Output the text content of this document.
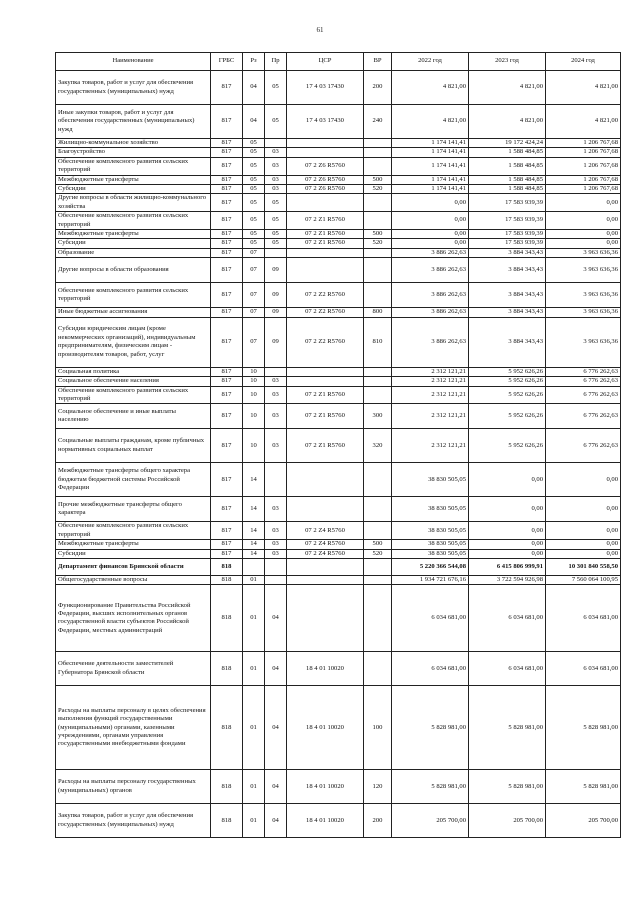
61
Наименование	ГРБС	Рз	Пр	ЦСР	ВР	2022 год	2023 год	2024 год
Закупка товаров, работ и услуг для обеспечения государственных (муниципальных) нужд	817	04	05	17 4 03 17430	200	4 821,00	4 821,00	4 821,00
Иные закупки товаров, работ и услуг для обеспечения государственных (муниципальных) нужд	817	04	05	17 4 03 17430	240	4 821,00	4 821,00	4 821,00
Жилищно-коммунальное хозяйство	817	05				1 174 141,41	19 172 424,24	1 206 767,68
Благоустройство	817	05	03			1 174 141,41	1 588 484,85	1 206 767,68
Обеспечение комплексного развития сельских территорий	817	05	03	07 2 Z6 R5760		1 174 141,41	1 588 484,85	1 206 767,68
Межбюджетные трансферты	817	05	03	07 2 Z6 R5760	500	1 174 141,41	1 588 484,85	1 206 767,68
Субсидии	817	05	03	07 2 Z6 R5760	520	1 174 141,41	1 588 484,85	1 206 767,68
Другие вопросы в области жилищно-коммунального хозяйства	817	05	05			0,00	17 583 939,39	0,00
Обеспечение комплексного развития сельских территорий	817	05	05	07 2 Z1 R5760		0,00	17 583 939,39	0,00
Межбюджетные трансферты	817	05	05	07 2 Z1 R5760	500	0,00	17 583 939,39	0,00
Субсидии	817	05	05	07 2 Z1 R5760	520	0,00	17 583 939,39	0,00
Образование	817	07				3 886 262,63	3 884 343,43	3 963 636,36
Другие вопросы в области образования	817	07	09			3 886 262,63	3 884 343,43	3 963 636,36
Обеспечение комплексного развития сельских территорий	817	07	09	07 2 Z2 R5760		3 886 262,63	3 884 343,43	3 963 636,36
Иные бюджетные ассигнования	817	07	09	07 2 Z2 R5760	800	3 886 262,63	3 884 343,43	3 963 636,36
Субсидии юридическим лицам (кроме некоммерческих организаций), индивидуальным предпринимателям, физическим лицам - производителям товаров, работ, услуг	817	07	09	07 2 Z2 R5760	810	3 886 262,63	3 884 343,43	3 963 636,36
Социальная политика	817	10				2 312 121,21	5 952 626,26	6 776 262,63
Социальное обеспечение населения	817	10	03			2 312 121,21	5 952 626,26	6 776 262,63
Обеспечение комплексного развития сельских территорий	817	10	03	07 2 Z1 R5760		2 312 121,21	5 952 626,26	6 776 262,63
Социальное обеспечение и иные выплаты населению	817	10	03	07 2 Z1 R5760	300	2 312 121,21	5 952 626,26	6 776 262,63
Социальные выплаты гражданам, кроме публичных нормативных социальных выплат	817	10	03	07 2 Z1 R5760	320	2 312 121,21	5 952 626,26	6 776 262,63
Межбюджетные трансферты общего характера бюджетам бюджетной системы Российской Федерации	817	14				38 830 505,05	0,00	0,00
Прочие межбюджетные трансферты общего характера	817	14	03			38 830 505,05	0,00	0,00
Обеспечение комплексного развития сельских территорий	817	14	03	07 2 Z4 R5760		38 830 505,05	0,00	0,00
Межбюджетные трансферты	817	14	03	07 2 Z4 R5760	500	38 830 505,05	0,00	0,00
Субсидии	817	14	03	07 2 Z4 R5760	520	38 830 505,05	0,00	0,00
Департамент финансов Брянской области	818					5 220 366 544,08	6 415 806 999,91	10 301 840 558,50
Общегосударственные вопросы	818	01				1 934 721 676,16	3 722 594 926,98	7 560 064 100,95
Функционирование Правительства Российской Федерации, высших исполнительных органов государственной власти субъектов Российской Федерации, местных администраций	818	01	04			6 034 681,00	6 034 681,00	6 034 681,00
Обеспечение деятельности заместителей Губернатора Брянской области	818	01	04	18 4 01 10020		6 034 681,00	6 034 681,00	6 034 681,00
Расходы на выплаты персоналу в целях обеспечения выполнения функций государственными (муниципальными) органами, казенными учреждениями, органами управления государственными внебюджетными фондами	818	01	04	18 4 01 10020	100	5 828 981,00	5 828 981,00	5 828 981,00
Расходы на выплаты персоналу государственных (муниципальных) органов	818	01	04	18 4 01 10020	120	5 828 981,00	5 828 981,00	5 828 981,00
Закупка товаров, работ и услуг для обеспечения государственных (муниципальных) нужд	818	01	04	18 4 01 10020	200	205 700,00	205 700,00	205 700,00
